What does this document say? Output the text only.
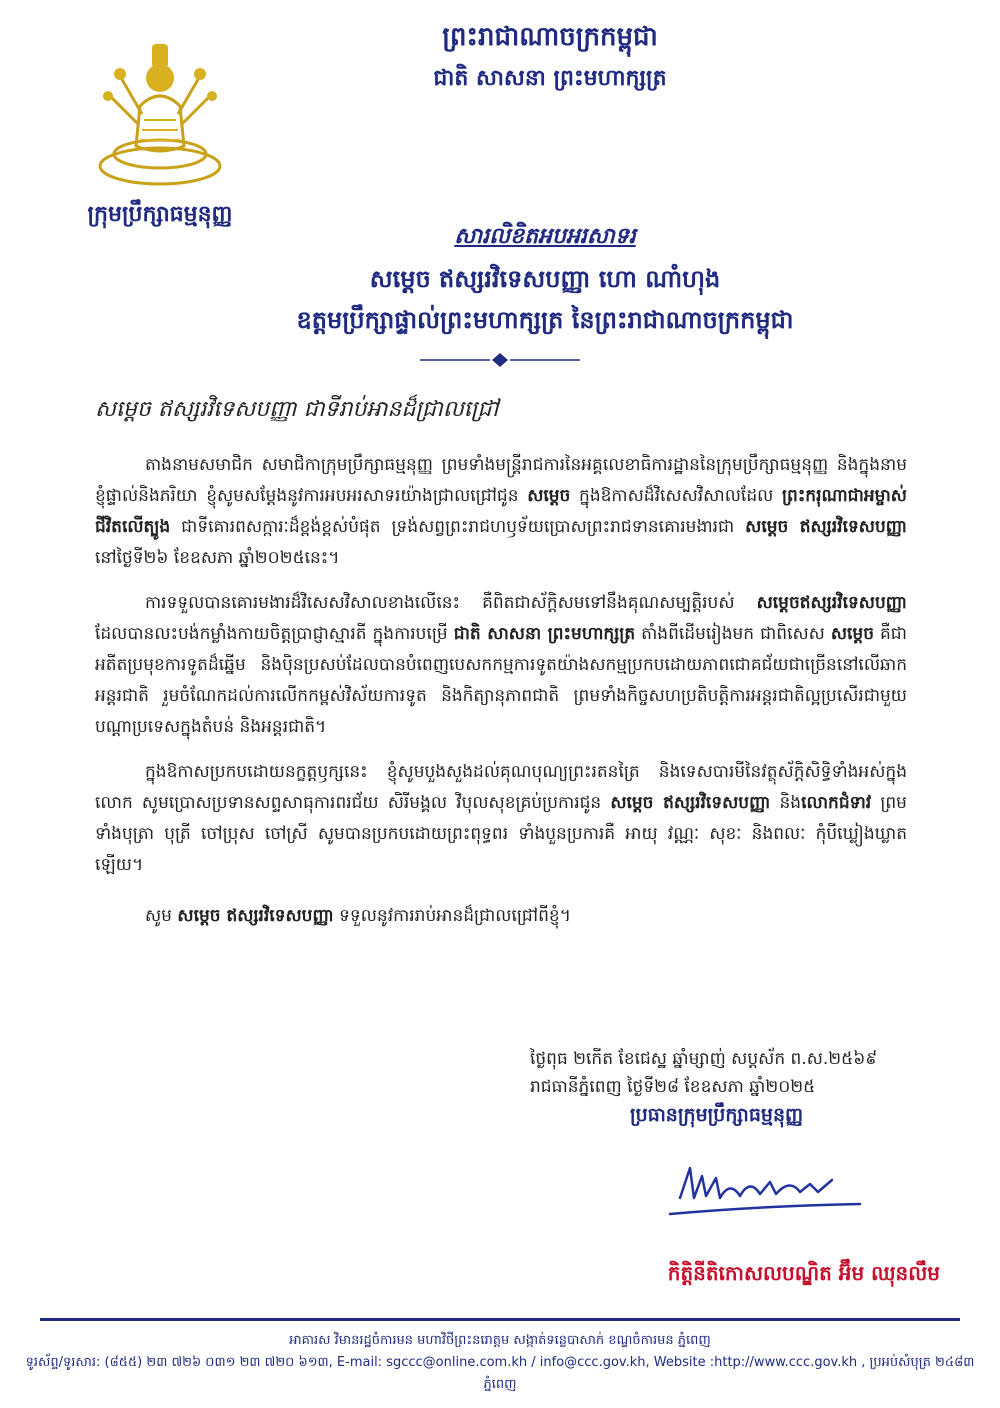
ក្រុមប្រឹក្សាធម្មនុញ្ញ
ព្រះរាជាណាចក្រកម្ពុជា
ជាតិ សាសនា ព្រះមហាក្សត្រ
សារលិខិតអបអរសាទរ
សម្តេច ឥស្សរវិទេសបញ្ញា ហោ ណាំហុង
ឧត្តមប្រឹក្សាផ្ទាល់ព្រះមហាក្សត្រ នៃព្រះរាជាណាចក្រកម្ពុជា
សម្តេច ឥស្សរវិទេសបញ្ញា ជាទីរាប់អានដ៏ជ្រាលជ្រៅ

តាងនាមសមាជិក សមាជិកាក្រុមប្រឹក្សាធម្មនុញ្ញ ព្រមទាំងមន្ត្រីរាជការនៃអគ្គលេខាធិការដ្ឋាននៃក្រុមប្រឹក្សាធម្មនុញ្ញ និងក្នុងនាមខ្ញុំផ្ទាល់និងភរិយា ខ្ញុំសូមសម្តែងនូវការអបអរសាទរយ៉ាងជ្រាលជ្រៅជូន សម្តេច ក្នុងឱកាសដ៏វិសេសវិសាលដែល ព្រះករុណាជាអម្ចាស់ជីវិតលើត្បូង ជាទីគោរពសក្ការៈដ៏ខ្ពង់ខ្ពស់បំផុត ទ្រង់សព្វព្រះរាជហឫទ័យប្រោសព្រះរាជទានគោរមងារជា សម្តេច ឥស្សរវិទេសបញ្ញា នៅថ្ងៃទី២៦ ខែឧសភា ឆ្នាំ២០២៥នេះ។

ការទទួលបានគោរមងារដ៏វិសេសវិសាលខាងលើនេះ គឺពិតជាស័ក្តិសមទៅនឹងគុណសម្បត្តិរបស់ សម្តេចឥស្សរវិទេសបញ្ញា ដែលបានលះបង់កម្លាំងកាយចិត្តប្រាជ្ញាស្មារតី ក្នុងការបម្រើ ជាតិ សាសនា ព្រះមហាក្សត្រ តាំងពីដើមរៀងមក ជាពិសេស សម្តេច គឺជាអតីតប្រមុខការទូតដ៏ឆ្នើម និងប៉ិនប្រសប់ដែលបានបំពេញបេសកកម្មការទូតយ៉ាងសកម្មប្រកបដោយភាពជោគជ័យជាច្រើននៅលើឆាកអន្តរជាតិ រួមចំណែកដល់ការលើកកម្ពស់វិស័យការទូត និងកិត្យានុភាពជាតិ ព្រមទាំងកិច្ចសហប្រតិបត្តិការអន្តរជាតិល្អប្រសើរជាមួយបណ្តាប្រទេសក្នុងតំបន់ និងអន្តរជាតិ។

ក្នុងឱកាសប្រកបដោយនក្ខត្តឫក្សនេះ ខ្ញុំសូមបួងសួងដល់គុណបុណ្យព្រះរតនត្រៃ និងទេសបារមីនៃវត្ថុស័ក្តិសិទ្ធិទាំងអស់ក្នុងលោក សូមប្រោសប្រទានសព្ទសាធុការពរជ័យ សិរីមង្គល វិបុលសុខគ្រប់ប្រការជូន សម្តេច ឥស្សរវិទេសបញ្ញា និងលោកជំទាវ ព្រមទាំងបុត្រា បុត្រី ចៅប្រុស ចៅស្រី សូមបានប្រកបដោយព្រះពុទ្ធពរ ទាំងបួនប្រការគឺ អាយុ វណ្ណៈ សុខៈ និងពលៈ កុំបីឃ្លៀងឃ្លាតឡើយ។

សូម សម្តេច ឥស្សរវិទេសបញ្ញា ទទួលនូវការរាប់អានដ៏ជ្រាលជ្រៅពីខ្ញុំ។

ថ្ងៃពុធ ២កើត ខែជេស្ឋ ឆ្នាំម្សាញ់ សប្តស័ក ព.ស.២៥៦៩
រាជធានីភ្នំពេញ ថ្ងៃទី២៨ ខែឧសភា ឆ្នាំ២០២៥
ប្រធានក្រុមប្រឹក្សាធម្មនុញ្ញ
កិត្តិនីតិកោសលបណ្ឌិត អ៊ឹម ឈុនលឹម
អាគារស វិមានរដ្ឋចំការមន មហាវិថីព្រះនរោត្តម សង្កាត់ទន្លេបាសាក់ ខណ្ឌចំការមន ភ្នំពេញ
ទូរស័ព្ទ/ទូរសារ: (៨៥៥) ២៣ ៧២៦ ០៣១ ២៣ ៧២០ ៦១៣, E-mail: sgccc@online.com.kh / info@ccc.gov.kh, Website :http://www.ccc.gov.kh , ប្រអប់សំបុត្រ ២៤៨៣ ភ្នំពេញ
